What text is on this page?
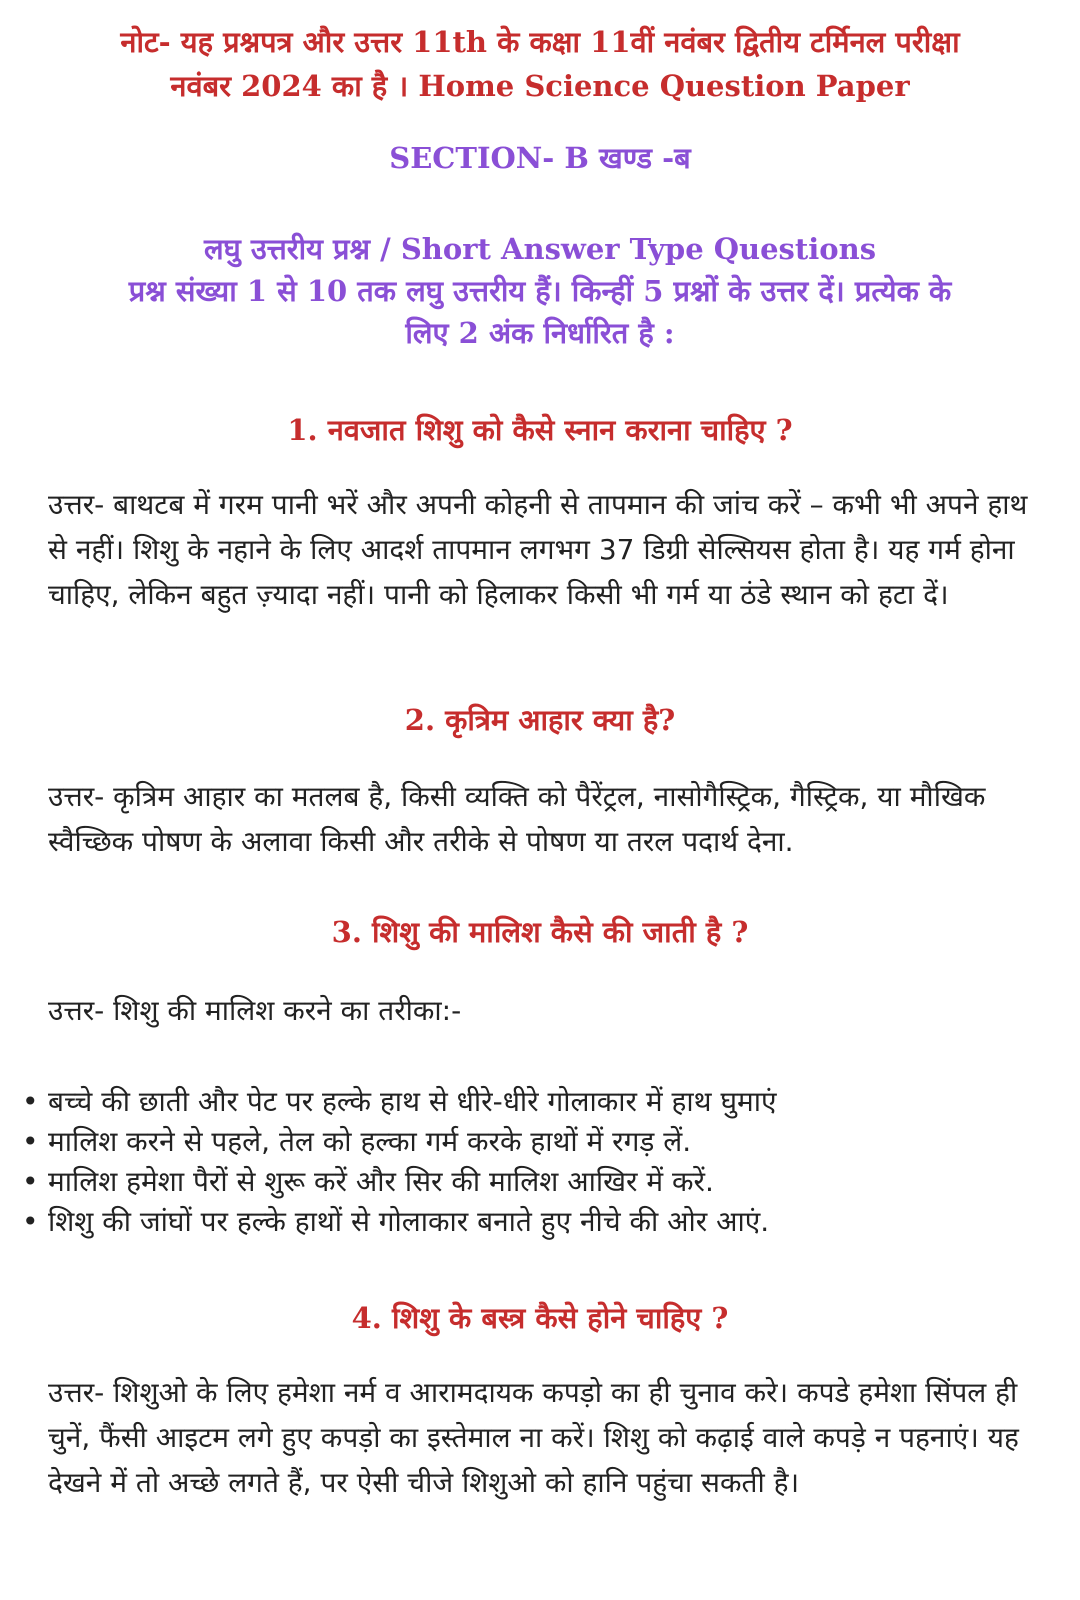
नोट- यह प्रश्नपत्र और उत्तर 11th के कक्षा 11वीं नवंबर द्वितीय टर्मिनल परीक्षा
नवंबर 2024 का है । Home Science Question Paper
SECTION- B खण्ड -ब
लघु उत्तरीय प्रश्न / Short Answer Type Questions
प्रश्न संख्या 1 से 10 तक लघु उत्तरीय हैं। किन्हीं 5 प्रश्नों के उत्तर दें। प्रत्येक के
लिए 2 अंक निर्धारित है :
1. नवजात शिशु को कैसे स्नान कराना चाहिए ?
उत्तर- बाथटब में गरम पानी भरें और अपनी कोहनी से तापमान की जांच करें – कभी भी अपने हाथ से नहीं। शिशु के नहाने के लिए आदर्श तापमान लगभग 37 डिग्री सेल्सियस होता है। यह गर्म होना चाहिए, लेकिन बहुत ज़्यादा नहीं। पानी को हिलाकर किसी भी गर्म या ठंडे स्थान को हटा दें।
2. कृत्रिम आहार क्या है?
उत्तर- कृत्रिम आहार का मतलब है, किसी व्यक्ति को पैरेंट्रल, नासोगैस्ट्रिक, गैस्ट्रिक, या मौखिक स्वैच्छिक पोषण के अलावा किसी और तरीके से पोषण या तरल पदार्थ देना.
3. शिशु की मालिश कैसे की जाती है ?
उत्तर- शिशु की मालिश करने का तरीका:-
• बच्चे की छाती और पेट पर हल्के हाथ से धीरे-धीरे गोलाकार में हाथ घुमाएं
• मालिश करने से पहले, तेल को हल्का गर्म करके हाथों में रगड़ लें.
• मालिश हमेशा पैरों से शुरू करें और सिर की मालिश आखिर में करें.
• शिशु की जांघों पर हल्के हाथों से गोलाकार बनाते हुए नीचे की ओर आएं.
4. शिशु के बस्त्र कैसे होने चाहिए ?
उत्तर- शिशुओ के लिए हमेशा नर्म व आरामदायक कपड़ो का ही चुनाव करे। कपडे हमेशा सिंपल ही चुनें, फैंसी आइटम लगे हुए कपड़ो का इस्तेमाल ना करें। शिशु को कढ़ाई वाले कपड़े न पहनाएं। यह देखने में तो अच्छे लगते हैं, पर ऐसी चीजे शिशुओ को हानि पहुंचा सकती है।
